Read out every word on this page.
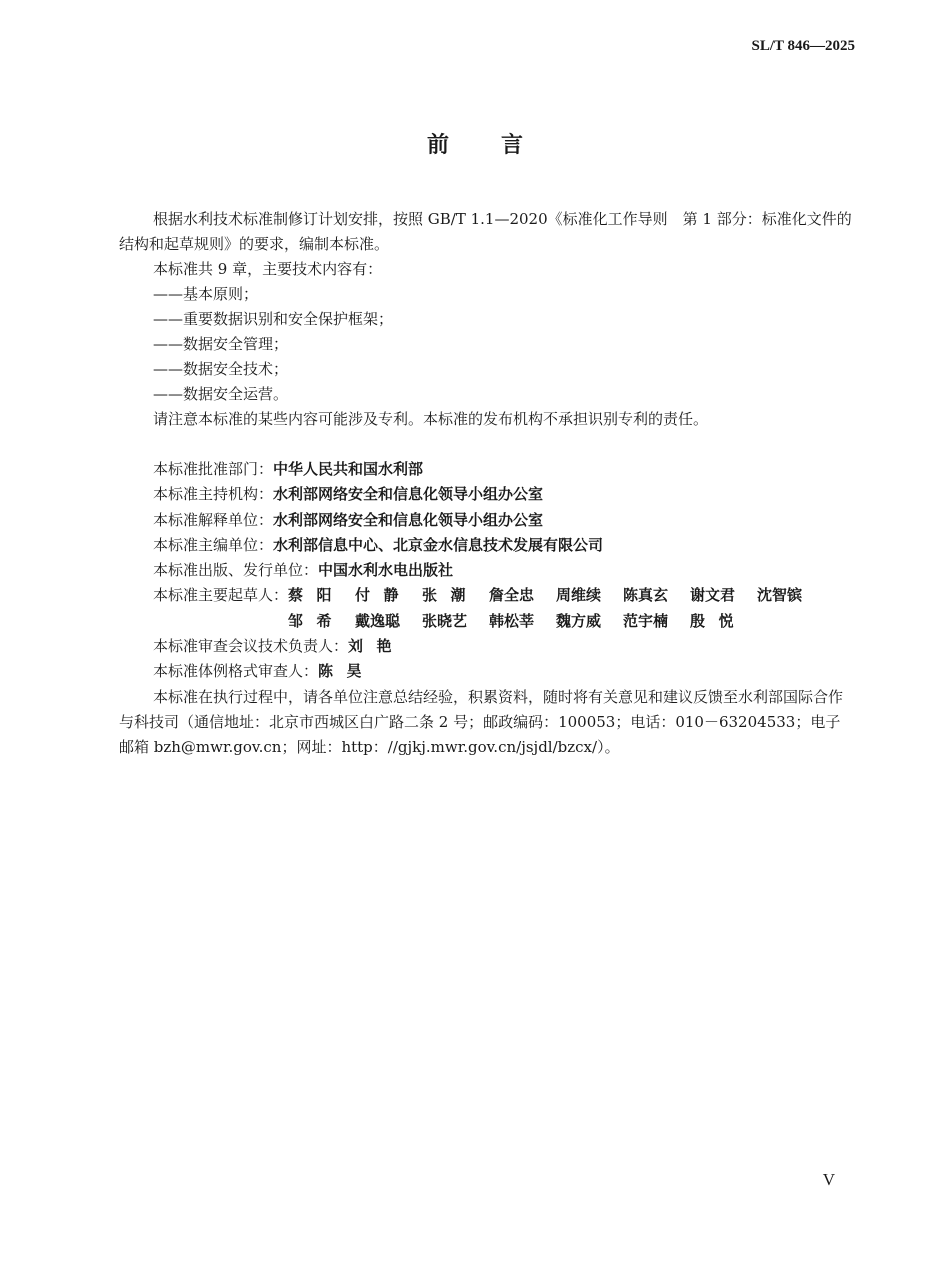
SL/T 846—2025
前言

根据水利技术标准制修订计划安排，按照 GB/T 1.1—2020《标准化工作导则　第 1 部分：标准化文件的结构和起草规则》的要求，编制本标准。

本标准共 9 章，主要技术内容有：

——基本原则；
——重要数据识别和安全保护框架；
——数据安全管理；
——数据安全技术；
——数据安全运营。

请注意本标准的某些内容可能涉及专利。本标准的发布机构不承担识别专利的责任。

本标准批准部门：中华人民共和国水利部
本标准主持机构：水利部网络安全和信息化领导小组办公室
本标准解释单位：水利部网络安全和信息化领导小组办公室
本标准主编单位：水利部信息中心、北京金水信息技术发展有限公司
本标准出版、发行单位：中国水利水电出版社
本标准主要起草人： 蔡阳 付静 张潮 詹全忠	周维续	陈真玄	谢文君	沈智镔
邹希 戴逸聪	张晓艺	韩松莘	魏方威	范宇楠	殷悦
本标准审查会议技术负责人：刘艳
本标准体例格式审查人：陈昊

本标准在执行过程中，请各单位注意总结经验，积累资料，随时将有关意见和建议反馈至水利部国际合作与科技司（通信地址：北京市西城区白广路二条 2 号；邮政编码：100053；电话：010－63204533；电子邮箱 bzh@mwr.gov.cn；网址：http：//gjkj.mwr.gov.cn/jsjdl/bzcx/）。

V
